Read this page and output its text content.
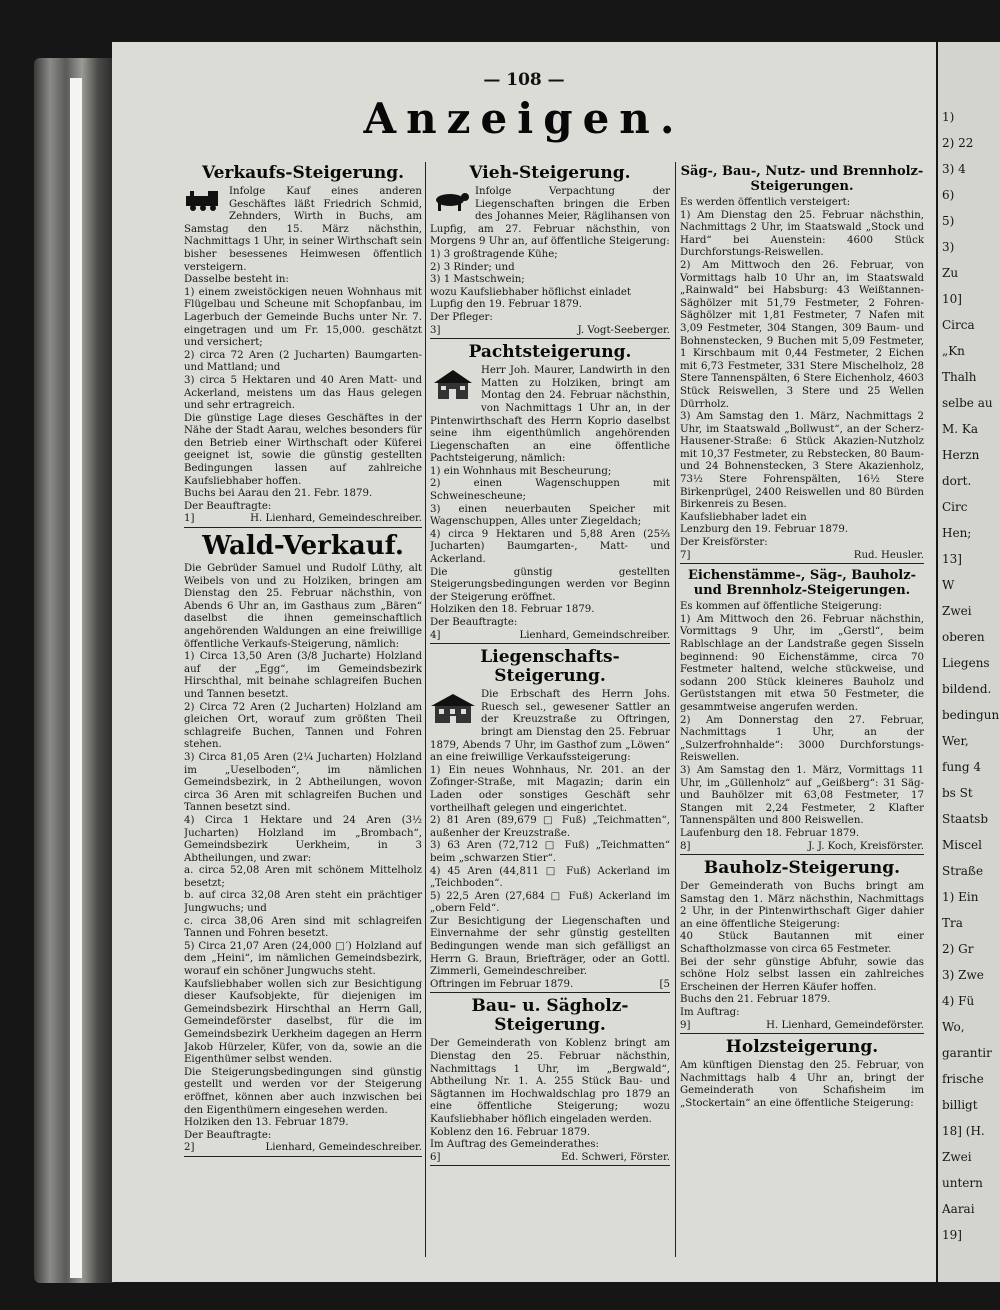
— 108 —
Anzeigen.
Verkaufs-Steigerung.
Infolge Kauf eines anderen Geschäftes läßt Friedrich Schmid, Zehnders, Wirth in Buchs, am Samstag den 15. März nächsthin, Nachmittags 1 Uhr, in seiner Wirthschaft sein bisher besessenes Heimwesen öffentlich versteigern.
Dasselbe besteht in:
1) einem zweistöckigen neuen Wohnhaus mit Flügelbau und Scheune mit Schopfanbau, im Lagerbuch der Gemeinde Buchs unter Nr. 7. eingetragen und um Fr. 15,000. geschätzt und versichert;
2) circa 72 Aren (2 Jucharten) Baumgarten- und Mattland; und
3) circa 5 Hektaren und 40 Aren Matt- und Ackerland, meistens um das Haus gelegen und sehr ertragreich.
Die günstige Lage dieses Geschäftes in der Nähe der Stadt Aarau, welches besonders für den Betrieb einer Wirthschaft oder Küferei geeignet ist, sowie die günstig gestellten Bedingungen lassen auf zahlreiche Kaufsliebhaber hoffen.
Buchs bei Aarau den 21. Febr. 1879.
Der Beauftragte:
1]	H. Lienhard, Gemeindeschreiber.
Wald-Verkauf.
Die Gebrüder Samuel und Rudolf Lüthy, alt Weibels von und zu Holziken, bringen am Dienstag den 25. Februar nächsthin, von Abends 6 Uhr an, im Gasthaus zum „Bären“ daselbst die ihnen gemeinschaftlich angehörenden Waldungen an eine freiwillige öffentliche Verkaufs-Steigerung, nämlich:
1) Circa 13,50 Aren (3/8 Jucharte) Holzland auf der „Egg“, im Gemeindsbezirk Hirschthal, mit beinahe schlagreifen Buchen und Tannen besetzt.
2) Circa 72 Aren (2 Jucharten) Holzland am gleichen Ort, worauf zum größten Theil schlagreife Buchen, Tannen und Fohren stehen.
3) Circa 81,05 Aren (2¼ Jucharten) Holzland im „Ueselboden“, im nämlichen Gemeindsbezirk, in 2 Abtheilungen, wovon circa 36 Aren mit schlagreifen Buchen und Tannen besetzt sind.
4) Circa 1 Hektare und 24 Aren (3½ Jucharten) Holzland im „Brombach“, Gemeindsbezirk Uerkheim, in 3 Abtheilungen, und zwar:
a. circa 52,08 Aren mit schönem Mittelholz besetzt;
b. auf circa 32,08 Aren steht ein prächtiger Jungwuchs; und
c. circa 38,06 Aren sind mit schlagreifen Tannen und Fohren besetzt.
5) Circa 21,07 Aren (24,000 □′) Holzland auf dem „Heini“, im nämlichen Gemeindsbezirk, worauf ein schöner Jungwuchs steht.
Kaufsliebhaber wollen sich zur Besichtigung dieser Kaufsobjekte, für diejenigen im Gemeindsbezirk Hirschthal an Herrn Gall, Gemeindeförster daselbst, für die im Gemeindsbezirk Uerkheim dagegen an Herrn Jakob Hürzeler, Küfer, von da, sowie an die Eigenthümer selbst wenden.
Die Steigerungsbedingungen sind günstig gestellt und werden vor der Steigerung eröffnet, können aber auch inzwischen bei den Eigenthümern eingesehen werden.
Holziken den 13. Februar 1879.
Der Beauftragte:
2]	Lienhard, Gemeindeschreiber.
Vieh-Steigerung.
Infolge Verpachtung der Liegenschaften bringen die Erben des Johannes Meier, Räglihansen von Lupfig, am 27. Februar nächsthin, von Morgens 9 Uhr an, auf öffentliche Steigerung:
1) 3 großtragende Kühe;
2) 3 Rinder; und
3) 1 Mastschwein;
wozu Kaufsliebhaber höflichst einladet
Lupfig den 19. Februar 1879.
Der Pfleger:
3]	J. Vogt-Seeberger.
Pachtsteigerung.
Herr Joh. Maurer, Landwirth in den Matten zu Holziken, bringt am Montag den 24. Februar nächsthin, von Nachmittags 1 Uhr an, in der Pintenwirthschaft des Herrn Koprio daselbst seine ihm eigenthümlich angehörenden Liegenschaften an eine öffentliche Pachtsteigerung, nämlich:
1) ein Wohnhaus mit Bescheurung;
2) einen Wagenschuppen mit Schweinescheune;
3) einen neuerbauten Speicher mit Wagenschuppen, Alles unter Ziegeldach;
4) circa 9 Hektaren und 5,88 Aren (25⅔ Jucharten) Baumgarten-, Matt- und Ackerland.
Die günstig gestellten Steigerungsbedingungen werden vor Beginn der Steigerung eröffnet.
Holziken den 18. Februar 1879.
Der Beauftragte:
4]	Lienhard, Gemeindschreiber.
Liegenschafts-Steigerung.
Die Erbschaft des Herrn Johs. Ruesch sel., gewesener Sattler an der Kreuzstraße zu Oftringen, bringt am Dienstag den 25. Februar 1879, Abends 7 Uhr, im Gasthof zum „Löwen“ an eine freiwillige Verkaufssteigerung:
1) Ein neues Wohnhaus, Nr. 201. an der Zofinger-Straße, mit Magazin; darin ein Laden oder sonstiges Geschäft sehr vortheilhaft gelegen und eingerichtet.
2) 81 Aren (89,679 □ Fuß) „Teichmatten“, außenher der Kreuzstraße.
3) 63 Aren (72,712 □ Fuß) „Teichmatten“ beim „schwarzen Stier“.
4) 45 Aren (44,811 □ Fuß) Ackerland im „Teichboden“.
5) 22,5 Aren (27,684 □ Fuß) Ackerland im „obern Feld“.
Zur Besichtigung der Liegenschaften und Einvernahme der sehr günstig gestellten Bedingungen wende man sich gefälligst an Herrn G. Braun, Briefträger, oder an Gottl. Zimmerli, Gemeindeschreiber.
Oftringen im Februar 1879.	[5
Bau- u. Sägholz-Steigerung.
Der Gemeinderath von Koblenz bringt am Dienstag den 25. Februar nächsthin, Nachmittags 1 Uhr, im „Bergwald“, Abtheilung Nr. 1. A. 255 Stück Bau- und Sägtannen im Hochwaldschlag pro 1879 an eine öffentliche Steigerung; wozu Kaufsliebhaber höflich eingeladen werden.
Koblenz den 16. Februar 1879.
Im Auftrag des Gemeinderathes:
6]	Ed. Schweri, Förster.
Säg-, Bau-, Nutz- und Brennholz-Steigerungen.
Es werden öffentlich versteigert:
1) Am Dienstag den 25. Februar nächsthin, Nachmittags 2 Uhr, im Staatswald „Stock und Hard“ bei Auenstein: 4600 Stück Durchforstungs-Reiswellen.
2) Am Mittwoch den 26. Februar, von Vormittags halb 10 Uhr an, im Staatswald „Rainwald“ bei Habsburg: 43 Weißtannen-Säghölzer mit 51,79 Festmeter, 2 Fohren-Säghölzer mit 1,81 Festmeter, 7 Nafen mit 3,09 Festmeter, 304 Stangen, 309 Baum- und Bohnenstecken, 9 Buchen mit 5,09 Festmeter, 1 Kirschbaum mit 0,44 Festmeter, 2 Eichen mit 6,73 Festmeter, 331 Stere Mischelholz, 28 Stere Tannenspälten, 6 Stere Eichenholz, 4603 Stück Reiswellen, 3 Stere und 25 Wellen Dürrholz.
3) Am Samstag den 1. März, Nachmittags 2 Uhr, im Staatswald „Bollwust“, an der Scherz-Hausener-Straße: 6 Stück Akazien-Nutzholz mit 10,37 Festmeter, zu Rebstecken, 80 Baum- und 24 Bohnenstecken, 3 Stere Akazienholz, 73½ Stere Fohrenspälten, 16½ Stere Birkenprügel, 2400 Reiswellen und 80 Bürden Birkenreis zu Besen.
Kaufsliebhaber ladet ein
Lenzburg den 19. Februar 1879.
Der Kreisförster:
7]	Rud. Heusler.
Eichenstämme-, Säg-, Bauholz- und Brennholz-Steigerungen.
Es kommen auf öffentliche Steigerung:
1) Am Mittwoch den 26. Februar nächsthin, Vormittags 9 Uhr, im „Gerstl“, beim Rablschlage an der Landstraße gegen Sisseln beginnend: 90 Eichenstämme, circa 70 Festmeter haltend, welche stückweise, und sodann 200 Stück kleineres Bauholz und Gerüststangen mit etwa 50 Festmeter, die gesammtweise angerufen werden.
2) Am Donnerstag den 27. Februar, Nachmittags 1 Uhr, an der „Sulzerfrohnhalde“: 3000 Durchforstungs-Reiswellen.
3) Am Samstag den 1. März, Vormittags 11 Uhr, im „Güllenholz“ auf „Geißberg“: 31 Säg- und Bauhölzer mit 63,08 Festmeter, 17 Stangen mit 2,24 Festmeter, 2 Klafter Tannenspälten und 800 Reiswellen.
Laufenburg den 18. Februar 1879.
8]	J. J. Koch, Kreisförster.
Bauholz-Steigerung.
Der Gemeinderath von Buchs bringt am Samstag den 1. März nächsthin, Nachmittags 2 Uhr, in der Pintenwirthschaft Giger dahier an eine öffentliche Steigerung:
40 Stück Bautannen mit einer Schaftholzmasse von circa 65 Festmeter.
Bei der sehr günstige Abfuhr, sowie das schöne Holz selbst lassen ein zahlreiches Erscheinen der Herren Käufer hoffen.
Buchs den 21. Februar 1879.
Im Auftrag:
9]	H. Lienhard, Gemeindeförster.
Holzsteigerung.
Am künftigen Dienstag den 25. Februar, von Nachmittags halb 4 Uhr an, bringt der Gemeinderath von Schafisheim im „Stockertain“ an eine öffentliche Steigerung:
1)
2) 22
3) 4
6)
5)
3)
Zu
10]
Circa
„Kn
Thalh
selbe au
M. Ka
Herzn
dort.
Circ
Hen;
13]
W
Zwei
oberen
Liegens
bildend.
bedingun
Wer,
fung 4
bs St
Staatsb
Miscel
Straße
1) Ein
Tra
2) Gr
3) Zwe
4) Fü
Wo,
garantir
frische
billigt
18] (H.
Zwei
untern
Aarai
19]
